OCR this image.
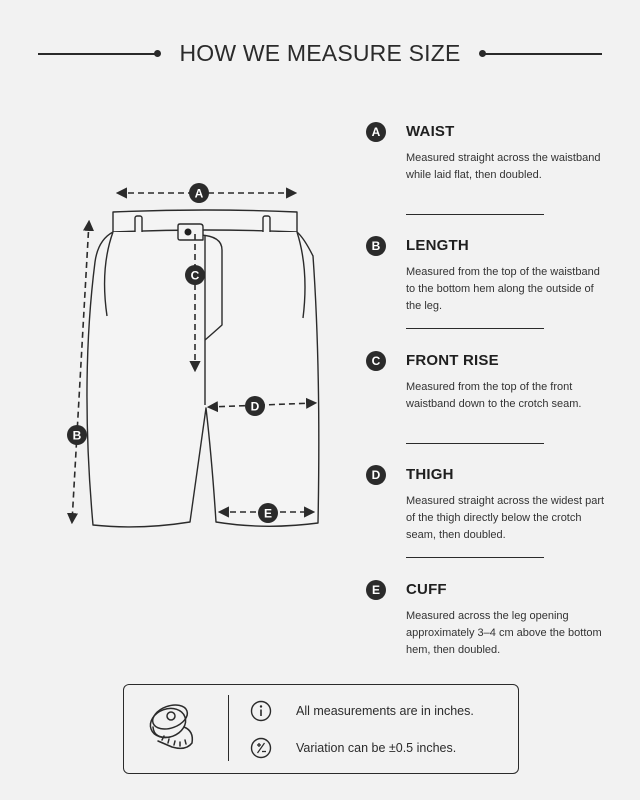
HOW WE MEASURE SIZE
A
B
C
D
E
A	WAIST
Measured straight across the waistband while laid flat, then doubled.
B	LENGTH
Measured from the top of the waistband to the bottom hem along the outside of the leg.
C	FRONT RISE
Measured from the top of the front waistband down to the crotch seam.
D	THIGH
Measured straight across the widest part of the thigh directly below the crotch seam, then doubled.
E	CUFF
Measured across the leg opening approximately 3–4 cm above the bottom hem, then doubled.
All measurements are in inches.
Variation can be ±0.5 inches.
